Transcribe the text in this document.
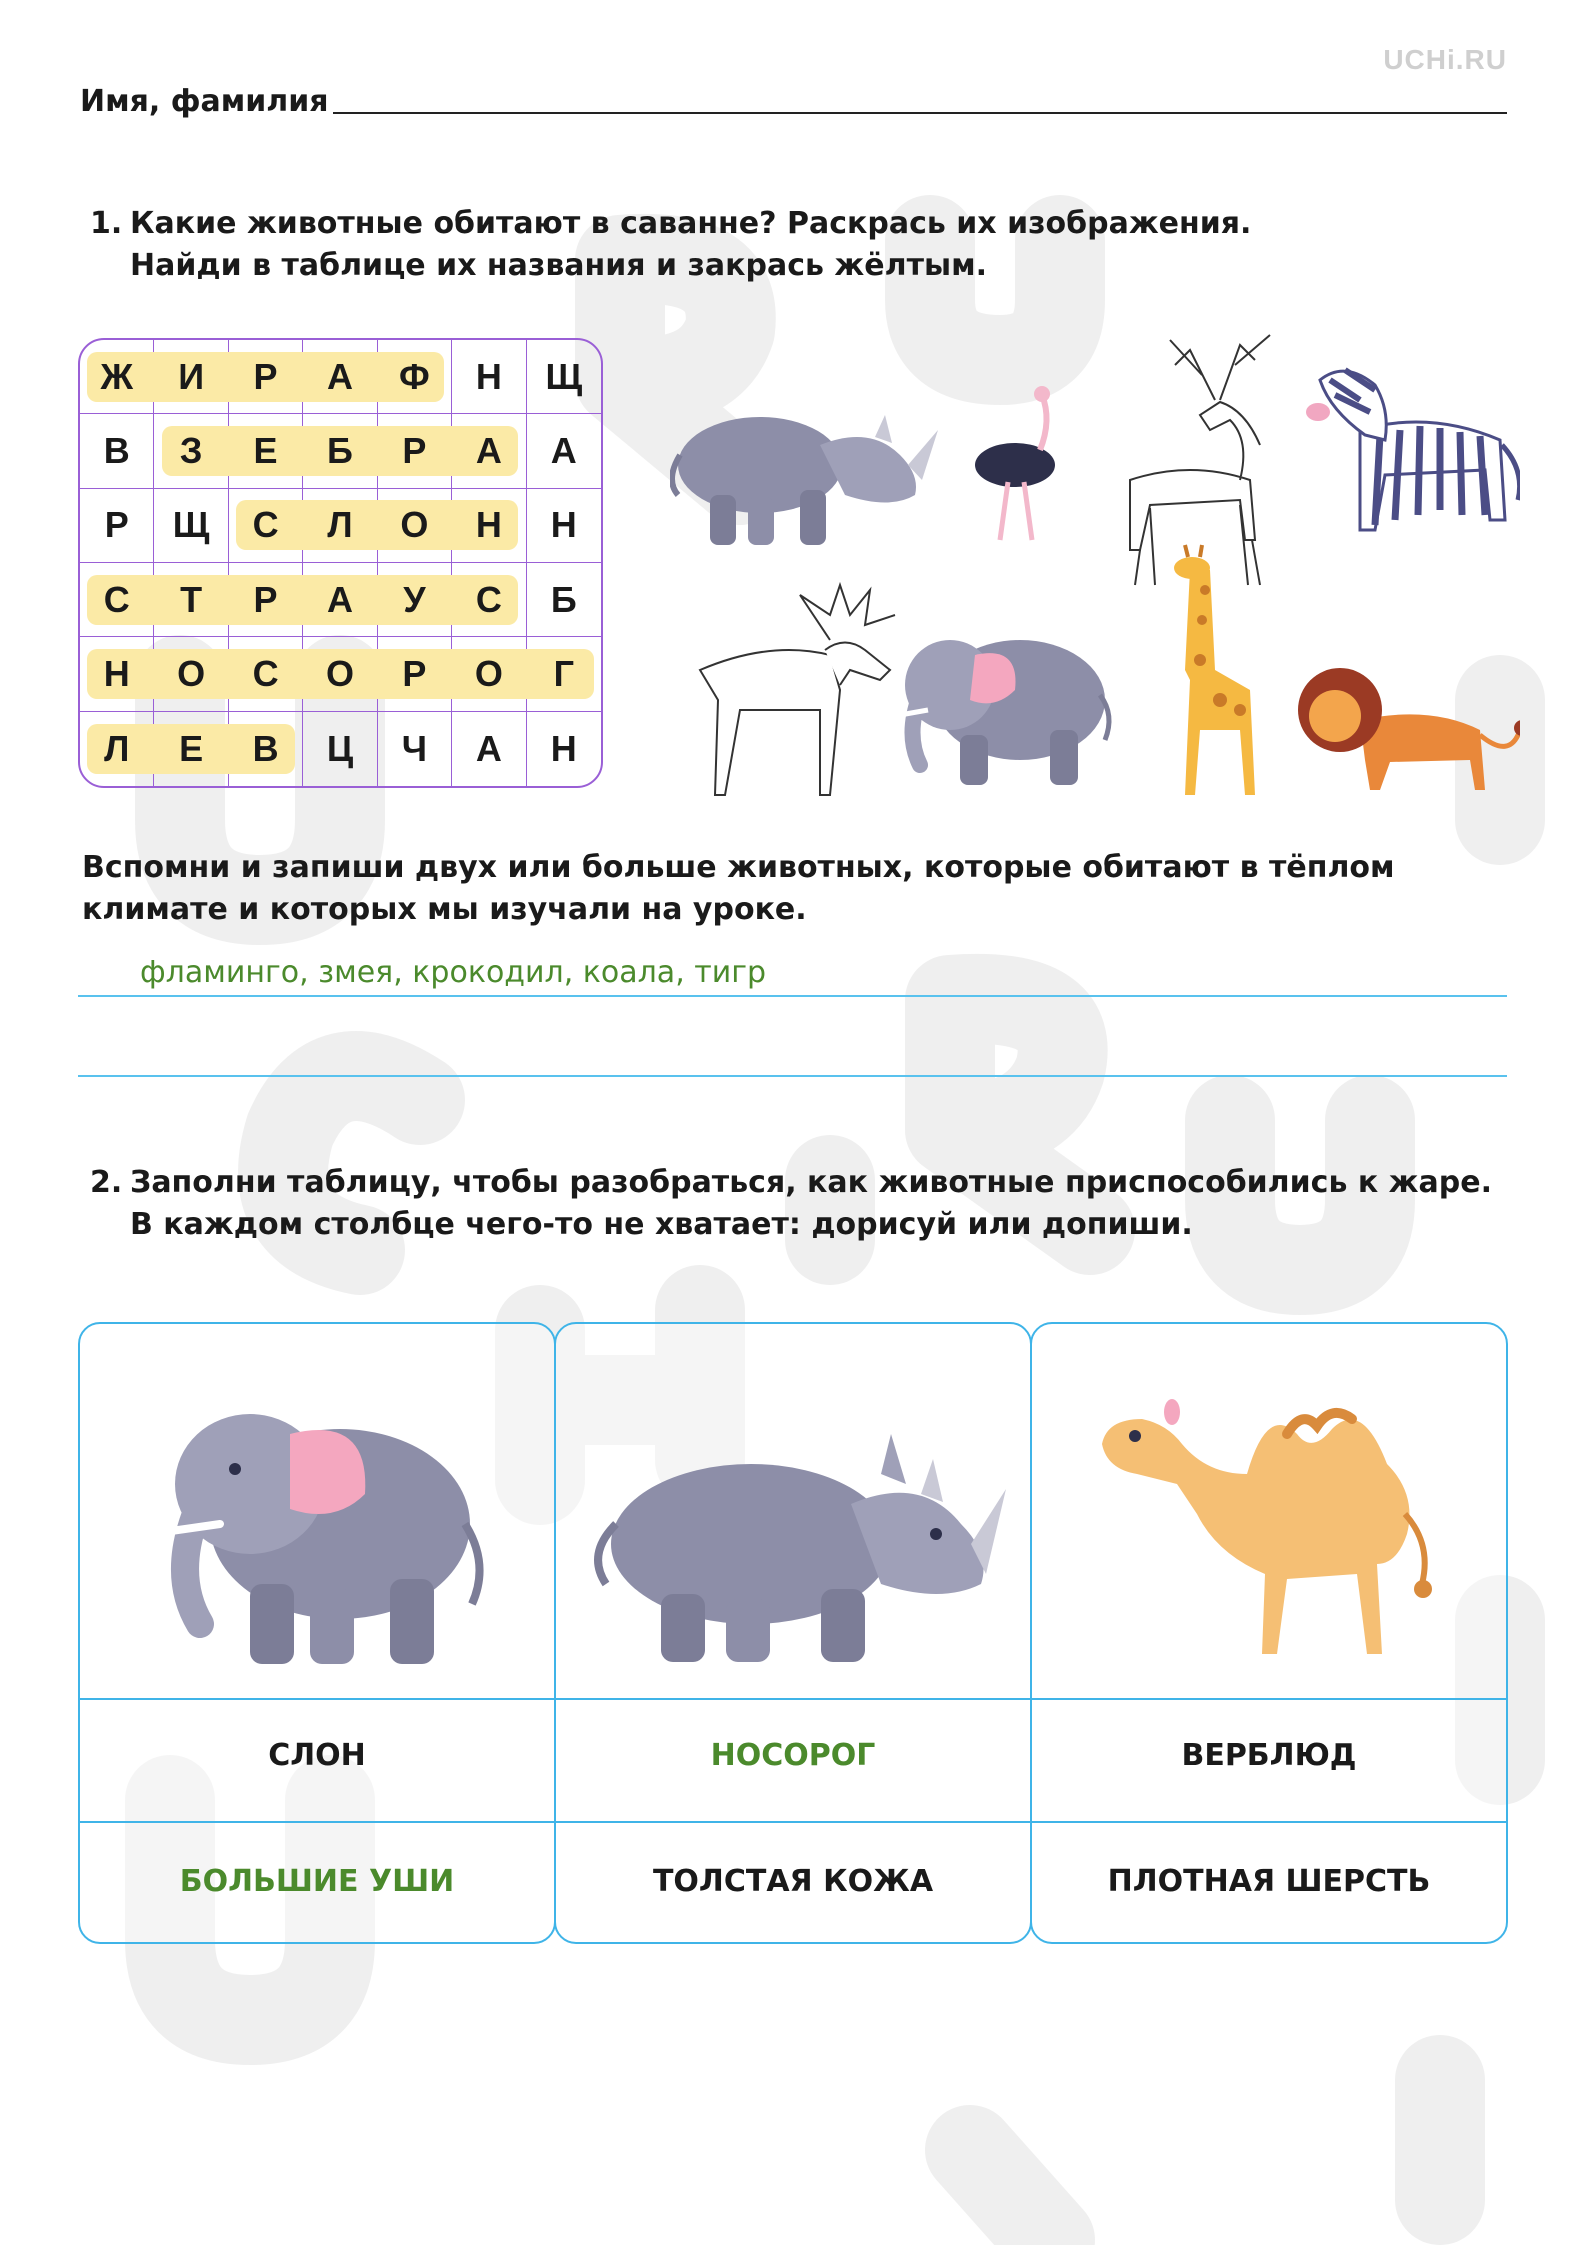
UCHi.RU
Имя, фамилия
1. Какие животные обитают в саванне? Раскрась их изображения.
Найди в таблице их названия и закрась жёлтым.
Ж И Р А Ф Н Щ
В З Е Б Р А А
Р Щ С Л О Н Н
С Т Р А У С Б
Н О С О Р О Г
Л Е В Ц Ч А Н
Вспомни и запиши двух или больше животных, которые обитают в тёплом
климате и которых мы изучали на уроке.
фламинго, змея, крокодил, коала, тигр
2. Заполни таблицу, чтобы разобраться, как животные приспособились к жаре.
В каждом столбце чего-то не хватает: дорисуй или допиши.
СЛОН
БОЛЬШИЕ УШИ
НОСОРОГ
ТОЛСТАЯ КОЖА
ВЕРБЛЮД
ПЛОТНАЯ ШЕРСТЬ
